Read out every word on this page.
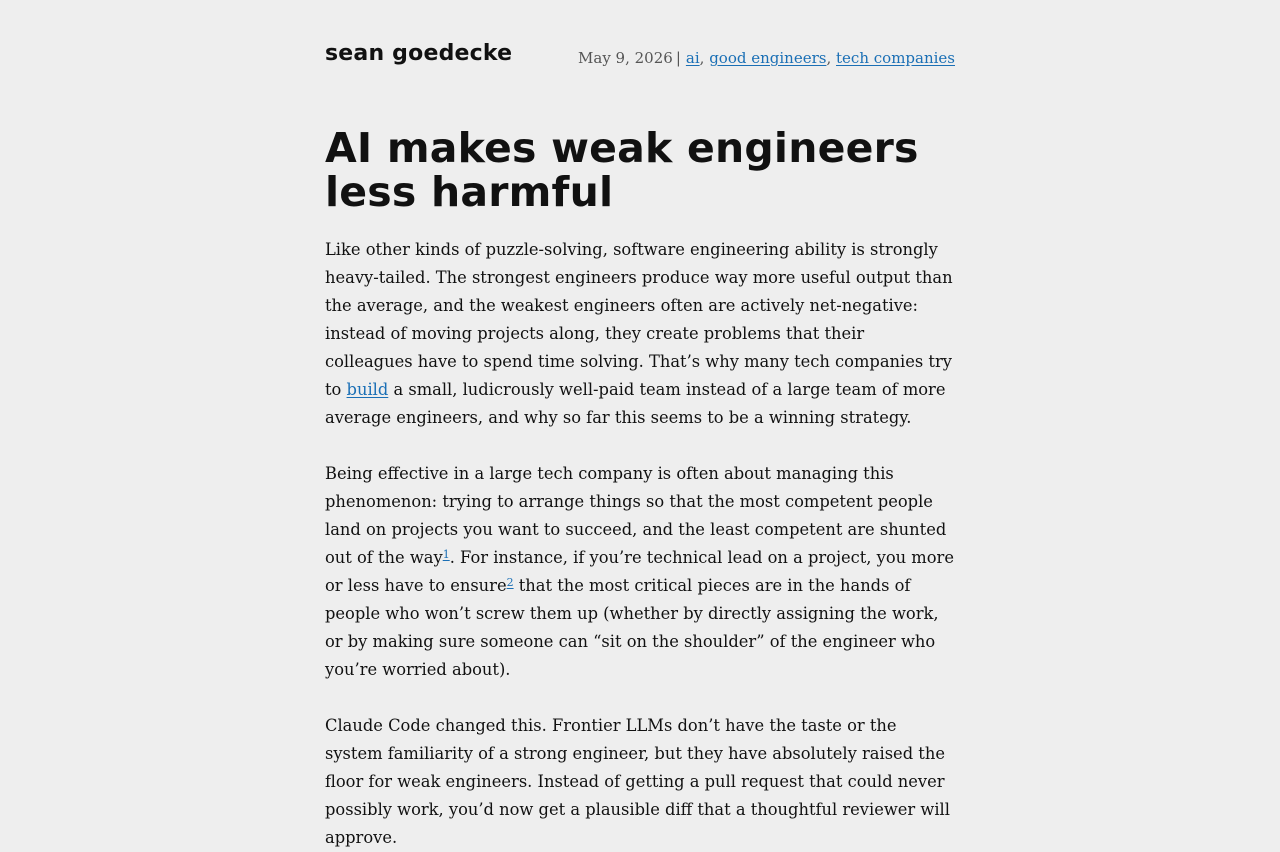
sean goedecke	May 9, 2026 | ai, good engineers, tech companies
AI makes weak engineers less harmful

Like other kinds of puzzle-solving, software engineering ability is strongly heavy-tailed. The strongest engineers produce way more useful output than the average, and the weakest engineers often are actively net-negative: instead of moving projects along, they create problems that their colleagues have to spend time solving. That’s why many tech companies try to build a small, ludicrously well-paid team instead of a large team of more average engineers, and why so far this seems to be a winning strategy.

Being effective in a large tech company is often about managing this phenomenon: trying to arrange things so that the most competent people land on projects you want to succeed, and the least competent are shunted out of the way$^1$. For instance, if you’re technical lead on a project, you more or less have to ensure$^2$ that the most critical pieces are in the hands of people who won’t screw them up (whether by directly assigning the work, or by making sure someone can “sit on the shoulder” of the engineer who you’re worried about).

Claude Code changed this. Frontier LLMs don’t have the taste or the system familiarity of a strong engineer, but they have absolutely raised the floor for weak engineers. Instead of getting a pull request that could never possibly work, you’d now get a plausible diff that a thoughtful reviewer will approve.
